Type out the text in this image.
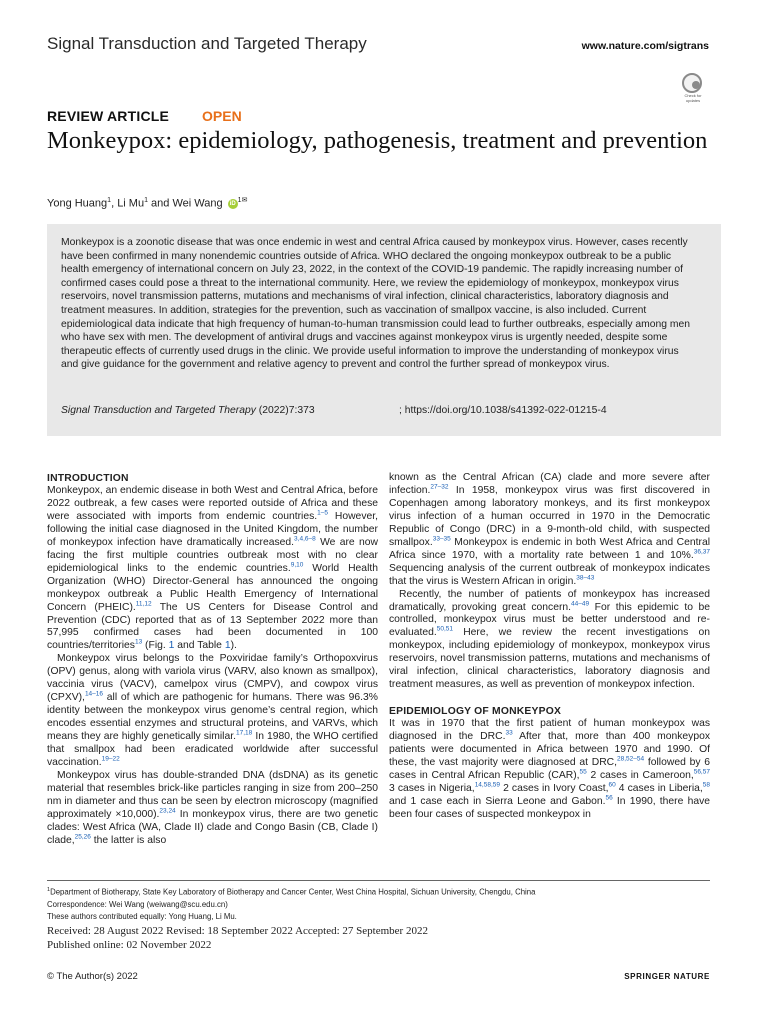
Signal Transduction and Targeted Therapy	www.nature.com/sigtrans
Check for updates
REVIEW ARTICLE OPEN
Monkeypox: epidemiology, pathogenesis, treatment and prevention
Yong Huang$^1$, Li Mu$^1$ and Wei Wang iD $^{1✉}$
Monkeypox is a zoonotic disease that was once endemic in west and central Africa caused by monkeypox virus. However, cases recently have been confirmed in many nonendemic countries outside of Africa. WHO declared the ongoing monkeypox outbreak to be a public health emergency of international concern on July 23, 2022, in the context of the COVID-19 pandemic. The rapidly increasing number of confirmed cases could pose a threat to the international community. Here, we review the epidemiology of monkeypox, monkeypox virus reservoirs, novel transmission patterns, mutations and mechanisms of viral infection, clinical characteristics, laboratory diagnosis and treatment measures. In addition, strategies for the prevention, such as vaccination of smallpox vaccine, is also included. Current epidemiological data indicate that high frequency of human-to-human transmission could lead to further outbreaks, especially among men who have sex with men. The development of antiviral drugs and vaccines against monkeypox virus is urgently needed, despite some therapeutic effects of currently used drugs in the clinic. We provide useful information to improve the understanding of monkeypox virus and give guidance for the government and relative agency to prevent and control the further spread of monkeypox virus.
Signal Transduction and Targeted Therapy (2022)7:373	; https://doi.org/10.1038/s41392-022-01215-4
INTRODUCTION

Monkeypox, an endemic disease in both West and Central Africa, before 2022 outbreak, a few cases were reported outside of Africa and these were associated with imports from endemic countries.$^{1-5}$ However, following the initial case diagnosed in the United Kingdom, the number of monkeypox infection have dramatically increased.$^{3,4,6-8}$ We are now facing the first multiple countries outbreak most with no clear epidemiological links to the endemic countries.$^{9,10}$ World Health Organization (WHO) Director-General has announced the ongoing monkeypox outbreak a Public Health Emergency of International Concern (PHEIC).$^{11,12}$ The US Centers for Disease Control and Prevention (CDC) reported that as of 13 September 2022 more than 57,995 confirmed cases had been documented in 100 countries/territories$^{13}$ (Fig. 1 and Table 1).

Monkeypox virus belongs to the Poxviridae family’s Orthopoxvirus (OPV) genus, along with variola virus (VARV, also known as smallpox), vaccinia virus (VACV), camelpox virus (CMPV), and cowpox virus (CPXV),$^{14-16}$ all of which are pathogenic for humans. There was 96.3% identity between the monkeypox virus genome’s central region, which encodes essential enzymes and structural proteins, and VARVs, which means they are highly genetically similar.$^{17,18}$ In 1980, the WHO certified that smallpox had been eradicated worldwide after successful vaccination.$^{19-22}$

Monkeypox virus has double-stranded DNA (dsDNA) as its genetic material that resembles brick-like particles ranging in size from 200–250 nm in diameter and thus can be seen by electron microscopy (magnified approximately ×10,000).$^{23,24}$ In monkeypox virus, there are two genetic clades: West Africa (WA, Clade II) clade and Congo Basin (CB, Clade I) clade,$^{25,26}$ the latter is also

known as the Central African (CA) clade and more severe after infection.$^{27-32}$ In 1958, monkeypox virus was first discovered in Copenhagen among laboratory monkeys, and its first monkeypox virus infection of a human occurred in 1970 in the Democratic Republic of Congo (DRC) in a 9-month-old child, with suspected smallpox.$^{33-35}$ Monkeypox is endemic in both West Africa and Central Africa since 1970, with a mortality rate between 1 and 10%.$^{36,37}$ Sequencing analysis of the current outbreak of monkeypox indicates that the virus is Western African in origin.$^{38-43}$

Recently, the number of patients of monkeypox has increased dramatically, provoking great concern.$^{44-49}$ For this epidemic to be controlled, monkeypox virus must be better understood and re-evaluated.$^{50,51}$ Here, we review the recent investigations on monkeypox, including epidemiology of monkeypox, monkeypox virus reservoirs, novel transmission patterns, mutations and mechanisms of viral infection, clinical characteristics, laboratory diagnosis and treatment measures, as well as prevention of monkeypox infection.

EPIDEMIOLOGY OF MONKEYPOX

It was in 1970 that the first patient of human monkeypox was diagnosed in the DRC.$^{33}$ After that, more than 400 monkeypox patients were documented in Africa between 1970 and 1990. Of these, the vast majority were diagnosed at DRC,$^{28,52-54}$ followed by 6 cases in Central African Republic (CAR),$^{55}$ 2 cases in Cameroon,$^{56,57}$ 3 cases in Nigeria,$^{14,58,59}$ 2 cases in Ivory Coast,$^{60}$ 4 cases in Liberia,$^{58}$ and 1 case each in Sierra Leone and Gabon.$^{56}$ In 1990, there have been four cases of suspected monkeypox in

$^1$Department of Biotherapy, State Key Laboratory of Biotherapy and Cancer Center, West China Hospital, Sichuan University, Chengdu, China
Correspondence: Wei Wang (weiwang@scu.edu.cn)
These authors contributed equally: Yong Huang, Li Mu.
Received: 28 August 2022 Revised: 18 September 2022 Accepted: 27 September 2022
Published online: 02 November 2022
© The Author(s) 2022	SPRINGER NATURE
